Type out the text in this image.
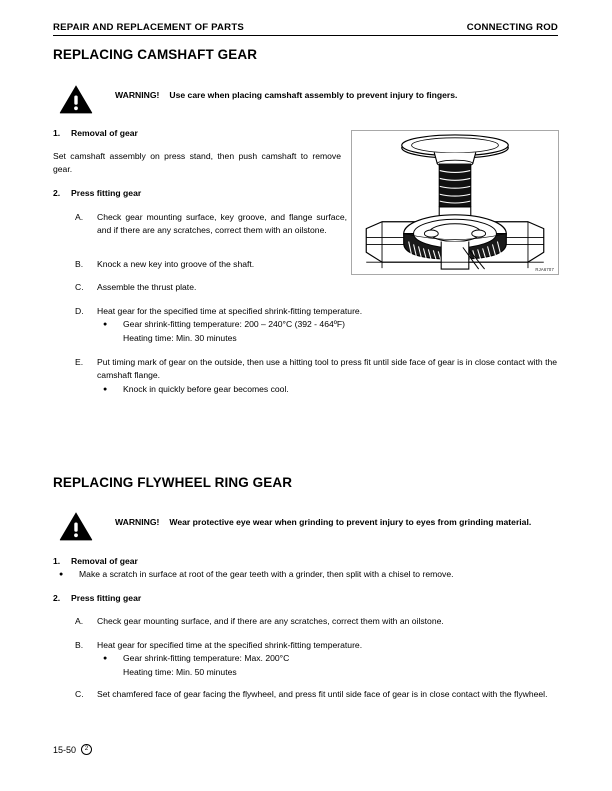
REPAIR AND REPLACEMENT OF PARTS	CONNECTING ROD
REPLACING CAMSHAFT GEAR
WARNING! Use care when placing camshaft assembly to prevent injury to fingers.
1. Removal of gear
Set camshaft assembly on press stand, then push camshaft to remove gear.
2. Press fitting gear
A.	Check gear mounting surface, key groove, and flange surface, and if there are any scratches, correct them with an oilstone.
B.	Knock a new key into groove of the shaft.
C.	Assemble the thrust plate.
D.	Heat gear for the specified time at specified shrink-fitting temperature.
●	Gear shrink-fitting temperature: 200 – 240°C (392 - 464ºF)
Heating time: Min. 30 minutes
E.	Put timing mark of gear on the outside, then use a hitting tool to press fit until side face of gear is in close contact with the camshaft flange.
●	Knock in quickly before gear becomes cool.
RJA6707
REPLACING FLYWHEEL RING GEAR
WARNING! Wear protective eye wear when grinding to prevent injury to eyes from grinding material.
1. Removal of gear
●	Make a scratch in surface at root of the gear teeth with a grinder, then split with a chisel to remove.
2. Press fitting gear
A.	Check gear mounting surface, and if there are any scratches, correct them with an oilstone.
B.	Heat gear for specified time at the specified shrink-fitting temperature.
●	Gear shrink-fitting temperature: Max. 200°C
Heating time: Min. 50 minutes
C.	Set chamfered face of gear facing the flywheel, and press fit until side face of gear is in close contact with the flywheel.
15-50	2
